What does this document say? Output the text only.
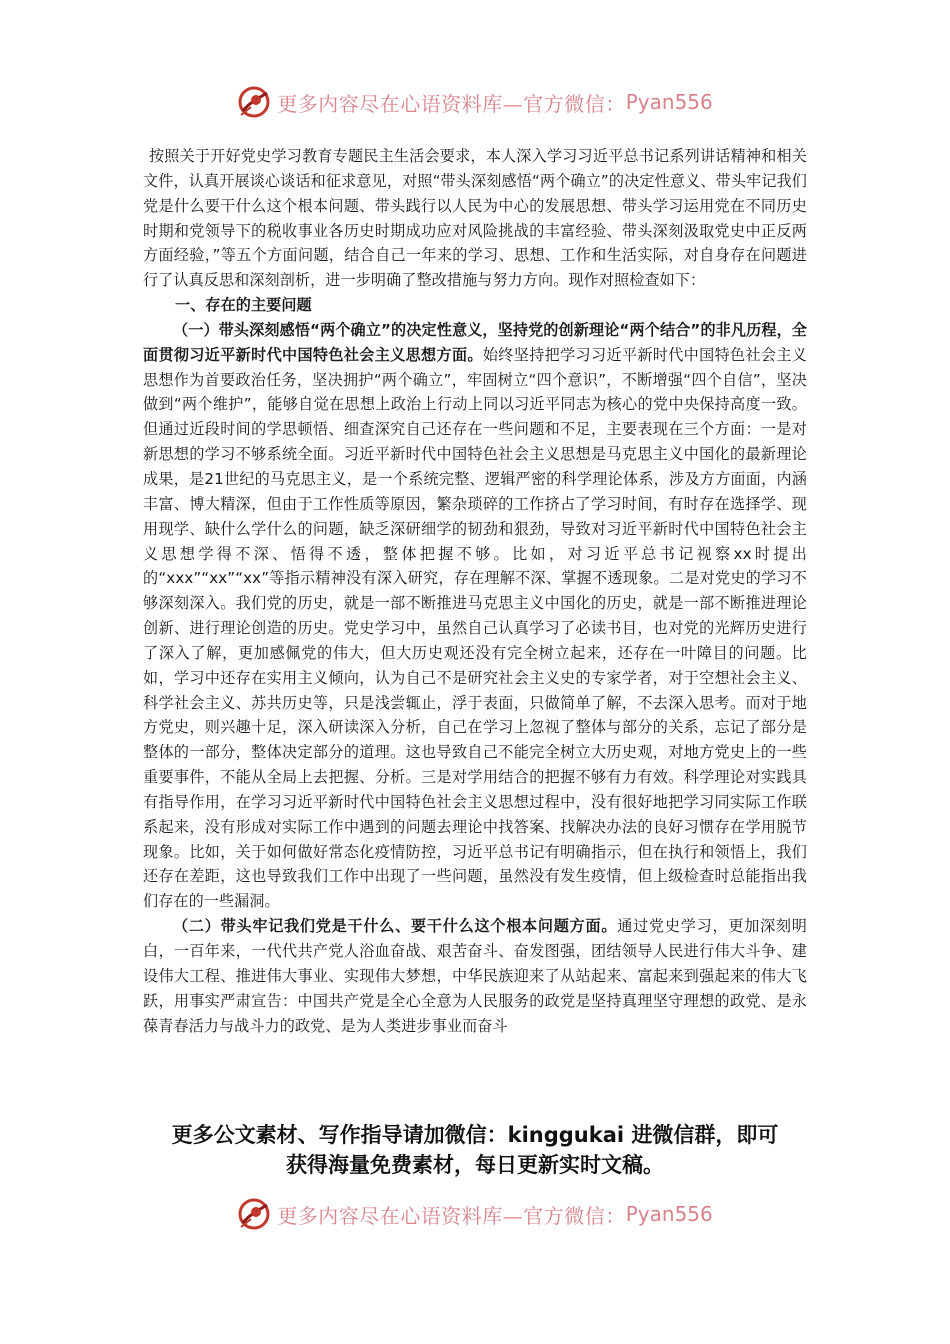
更多内容尽在心语资料库—官方微信： Pyan556

按照关于开好党史学习教育专题民主生活会要求，本人深入学习习近平总书记系列讲话精神和相关文件，认真开展谈心谈话和征求意见，对照“带头深刻感悟“两个确立”的决定性意义、带头牢记我们党是什么要干什么这个根本问题、带头践行以人民为中心的发展思想、带头学习运用党在不同历史时期和党领导下的税收事业各历史时期成功应对风险挑战的丰富经验、带头深刻汲取党史中正反两方面经验，”等五个方面问题，结合自己一年来的学习、思想、工作和生活实际，对自身存在问题进行了认真反思和深刻剖析，进一步明确了整改措施与努力方向。现作对照检查如下：

一、存在的主要问题

（一）带头深刻感悟“两个确立”的决定性意义，坚持党的创新理论“两个结合”的非凡历程，全面贯彻习近平新时代中国特色社会主义思想方面。始终坚持把学习习近平新时代中国特色社会主义思想作为首要政治任务，坚决拥护“两个确立”，牢固树立“四个意识”，不断增强“四个自信”，坚决做到“两个维护”，能够自觉在思想上政治上行动上同以习近平同志为核心的党中央保持高度一致。但通过近段时间的学思顿悟、细查深究自己还存在一些问题和不足，主要表现在三个方面：一是对新思想的学习不够系统全面。习近平新时代中国特色社会主义思想是马克思主义中国化的最新理论成果，是21世纪的马克思主义，是一个系统完整、逻辑严密的科学理论体系，涉及方方面面，内涵丰富、博大精深，但由于工作性质等原因，繁杂琐碎的工作挤占了学习时间，有时存在选择学、现用现学、缺什么学什么的问题，缺乏深研细学的韧劲和狠劲，导致对习近平新时代中国特色社会主义思想学得不深、悟得不透，整体把握不够。比如，对习近平总书记视察xx时提出的“xxx”“xx”“xx”等指示精神没有深入研究，存在理解不深、掌握不透现象。二是对党史的学习不够深刻深入。我们党的历史，就是一部不断推进马克思主义中国化的历史，就是一部不断推进理论创新、进行理论创造的历史。党史学习中，虽然自己认真学习了必读书目，也对党的光辉历史进行了深入了解，更加感佩党的伟大，但大历史观还没有完全树立起来，还存在一叶障目的问题。比如，学习中还存在实用主义倾向，认为自己不是研究社会主义史的专家学者，对于空想社会主义、科学社会主义、苏共历史等，只是浅尝辄止，浮于表面，只做简单了解，不去深入思考。而对于地方党史，则兴趣十足，深入研读深入分析，自己在学习上忽视了整体与部分的关系，忘记了部分是整体的一部分，整体决定部分的道理。这也导致自己不能完全树立大历史观，对地方党史上的一些重要事件，不能从全局上去把握、分析。三是对学用结合的把握不够有力有效。科学理论对实践具有指导作用，在学习习近平新时代中国特色社会主义思想过程中，没有很好地把学习同实际工作联系起来，没有形成对实际工作中遇到的问题去理论中找答案、找解决办法的良好习惯存在学用脱节现象。比如，关于如何做好常态化疫情防控，习近平总书记有明确指示，但在执行和领悟上，我们还存在差距，这也导致我们工作中出现了一些问题，虽然没有发生疫情，但上级检查时总能指出我们存在的一些漏洞。

（二）带头牢记我们党是干什么、要干什么这个根本问题方面。通过党史学习，更加深刻明白，一百年来，一代代共产党人浴血奋战、艰苦奋斗、奋发图强，团结领导人民进行伟大斗争、建设伟大工程、推进伟大事业、实现伟大梦想，中华民族迎来了从站起来、富起来到强起来的伟大飞跃，用事实严肃宣告：中国共产党是全心全意为人民服务的政党是坚持真理坚守理想的政党、是永葆青春活力与战斗力的政党、是为人类进步事业而奋斗

更多公文素材、写作指导请加微信：kinggukai 进微信群，即可
获得海量免费素材，每日更新实时文稿。
更多内容尽在心语资料库—官方微信： Pyan556
